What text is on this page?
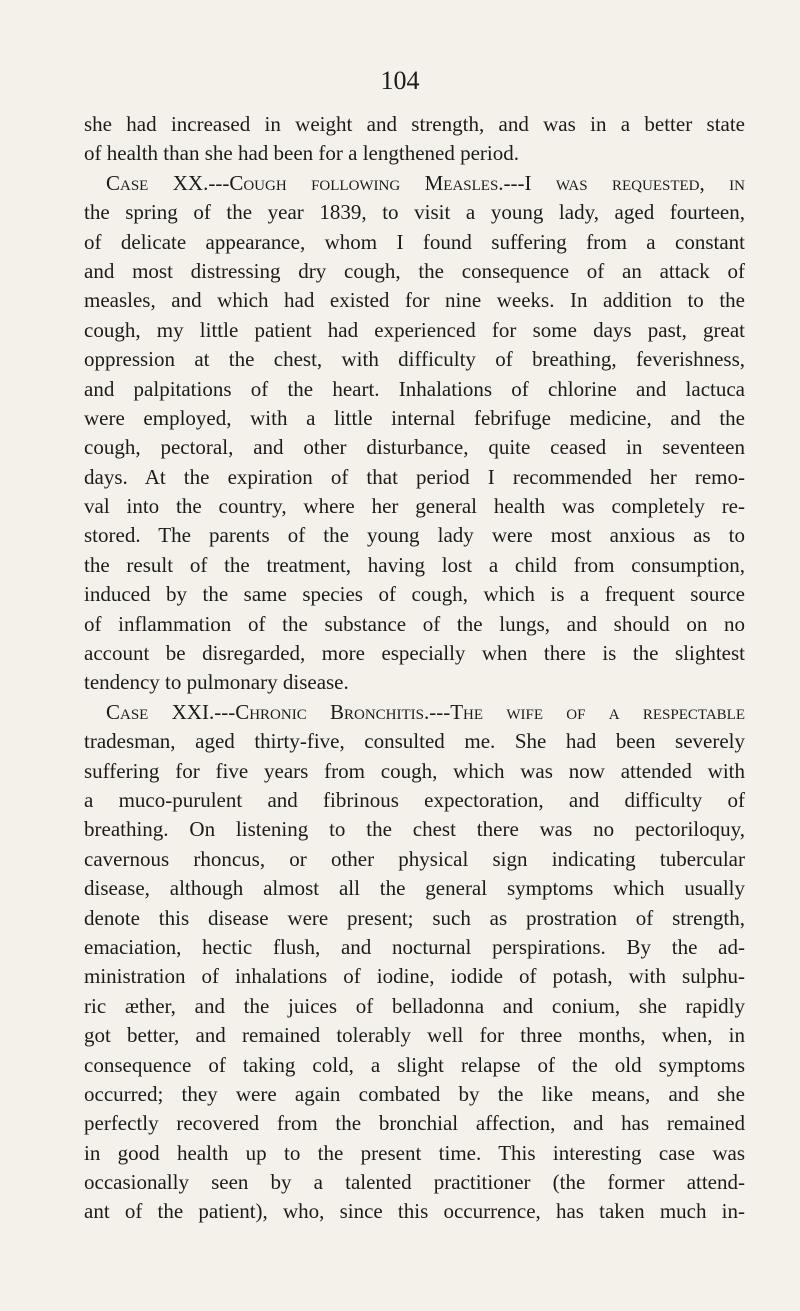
104
she had increased in weight and strength, and was in a better state
of health than she had been for a lengthened period.
Case XX.---Cough following Measles.---I was requested, in
the spring of the year 1839, to visit a young lady, aged fourteen,
of delicate appearance, whom I found suffering from a constant
and most distressing dry cough, the consequence of an attack of
measles, and which had existed for nine weeks. In addition to the
cough, my little patient had experienced for some days past, great
oppression at the chest, with difficulty of breathing, feverishness,
and palpitations of the heart. Inhalations of chlorine and lactuca
were employed, with a little internal febrifuge medicine, and the
cough, pectoral, and other disturbance, quite ceased in seventeen
days. At the expiration of that period I recommended her remo-
val into the country, where her general health was completely re-
stored. The parents of the young lady were most anxious as to
the result of the treatment, having lost a child from consumption,
induced by the same species of cough, which is a frequent source
of inflammation of the substance of the lungs, and should on no
account be disregarded, more especially when there is the slightest
tendency to pulmonary disease.
Case XXI.---Chronic Bronchitis.---The wife of a respectable
tradesman, aged thirty-five, consulted me. She had been severely
suffering for five years from cough, which was now attended with
a muco-purulent and fibrinous expectoration, and difficulty of
breathing. On listening to the chest there was no pectoriloquy,
cavernous rhoncus, or other physical sign indicating tubercular
disease, although almost all the general symptoms which usually
denote this disease were present; such as prostration of strength,
emaciation, hectic flush, and nocturnal perspirations. By the ad-
ministration of inhalations of iodine, iodide of potash, with sulphu-
ric æther, and the juices of belladonna and conium, she rapidly
got better, and remained tolerably well for three months, when, in
consequence of taking cold, a slight relapse of the old symptoms
occurred; they were again combated by the like means, and she
perfectly recovered from the bronchial affection, and has remained
in good health up to the present time. This interesting case was
occasionally seen by a talented practitioner (the former attend-
ant of the patient), who, since this occurrence, has taken much in-
